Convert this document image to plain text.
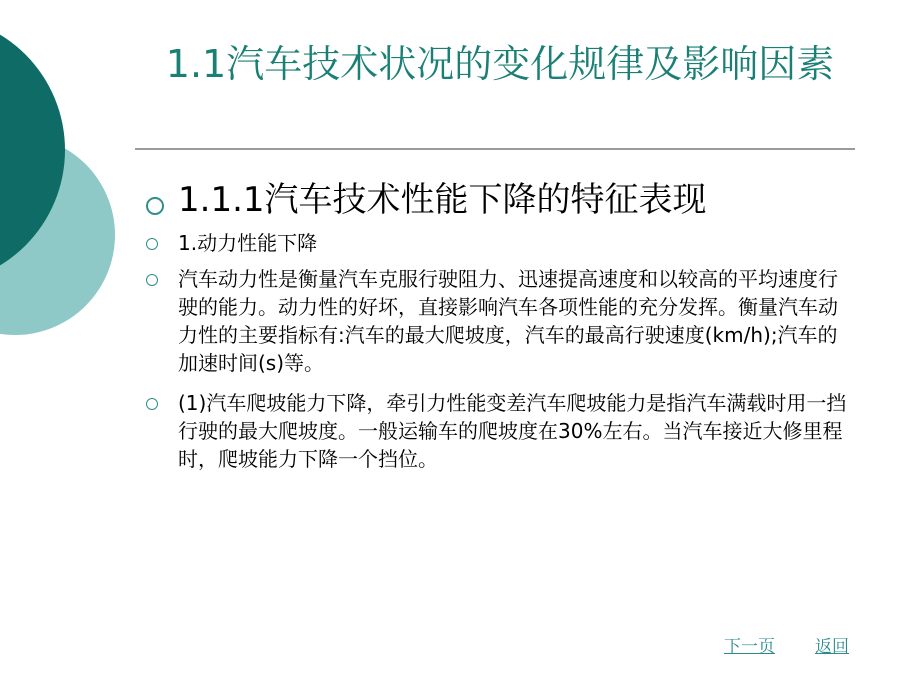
1.1汽车技术状况的变化规律及影响因素
1.1.1汽车技术性能下降的特征表现
1.动力性能下降
汽车动力性是衡量汽车克服行驶阻力、迅速提高速度和以较高的平均速度行驶的能力。动力性的好坏，直接影响汽车各项性能的充分发挥。衡量汽车动力性的主要指标有:汽车的最大爬坡度，汽车的最高行驶速度(km/h);汽车的加速时间(s)等。
(1)汽车爬坡能力下降，牵引力性能变差汽车爬坡能力是指汽车满载时用一挡行驶的最大爬坡度。一般运输车的爬坡度在30%左右。当汽车接近大修里程时，爬坡能力下降一个挡位。
下一页 返回
